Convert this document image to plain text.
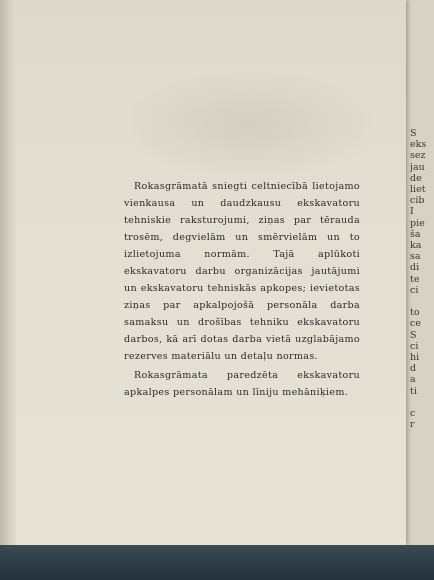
S
eks
sez
jau
de
liet
cib
I
pie
ša
ka
sa
di
te
ci

to
ce
S
ci
hi
d
a
ti

c
r

Rokasgrāmatā sniegti celtniecībā lietojamo vienkausa un daudzkausu ekskavatoru tehniskie raksturojumi, ziņas par tērauda trosēm, degvielām un smērvielām un to izlietojuma normām. Tajā aplūkoti ekskavatoru darbu organizācijas jautājumi un ekskavatoru tehniskās apkopes; ievietotas ziņas par apkalpojošā personāla darba samaksu un drošības tehniku ekskavatoru darbos, kā arī dotas darba vietā uzglabājamo rezerves materiālu un detaļu normas.

Rokasgrāmata paredzēta ekskavatoru apkalpes personālam un līniju mehāniķiem.
